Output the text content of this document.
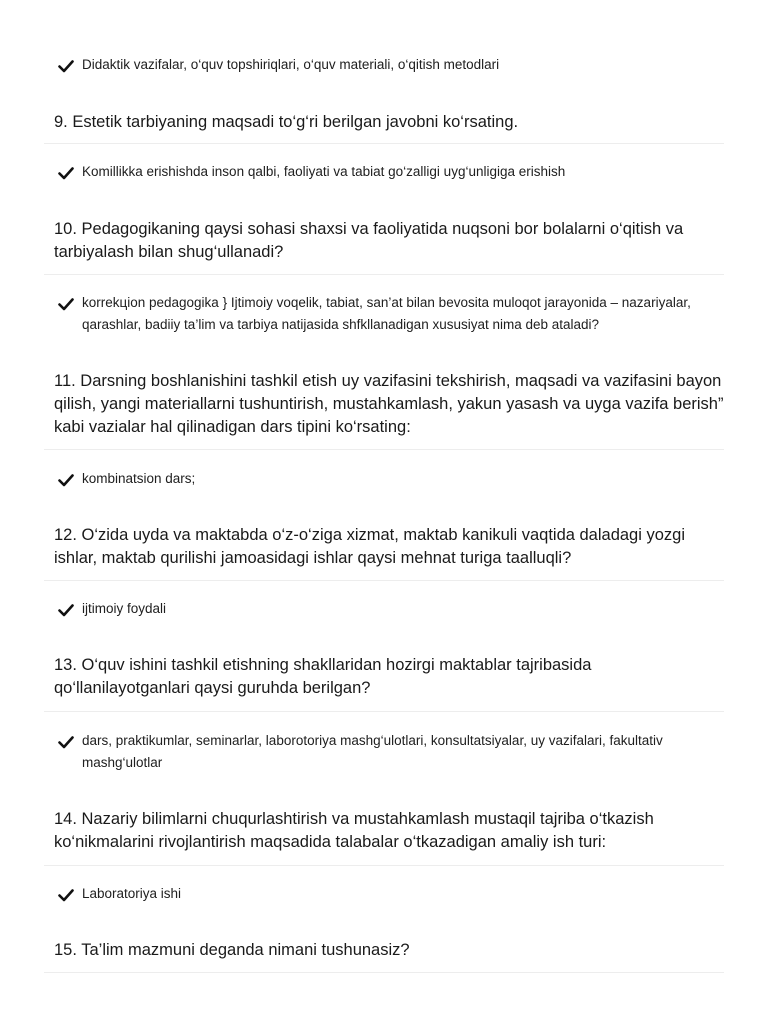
Didaktik vazifalar, o‘quv topshiriqlari, o‘quv materiali, o‘qitish metodlari
9. Estetik tarbiyaning maqsadi to‘g‘ri berilgan javobni ko‘rsating.
Komillikka erishishda inson qalbi, faoliyati va tabiat go‘zalligi uyg‘unligiga erishish
10. Pedagogikaning qaysi sohasi shaxsi va faoliyatida nuqsoni bor bolalarni o‘qitish va tarbiyalash bilan shug‘ullanadi?
korrekцion pedagogika } Ijtimoiy voqelik, tabiat, san’at bilan bevosita muloqot jarayonida – nazariyalar, qarashlar, badiiy ta’lim va tarbiya natijasida shfkllanadigan xususiyat nima deb ataladi?
11. Darsning boshlanishini tashkil etish uy vazifasini tekshirish, maqsadi va vazifasini bayon qilish, yangi materiallarni tushuntirish, mustahkamlash, yakun yasash va uyga vazifa berish” kabi vazialar hal qilinadigan dars tipini ko‘rsating:
kombinatsion dars;
12. O‘zida uyda va maktabda o‘z-o‘ziga xizmat, maktab kanikuli vaqtida daladagi yozgi ishlar, maktab qurilishi jamoasidagi ishlar qaysi mehnat turiga taalluqli?
ijtimoiy foydali
13. O‘quv ishini tashkil etishning shakllaridan hozirgi maktablar tajribasida qo‘llanilayotganlari qaysi guruhda berilgan?
dars, praktikumlar, seminarlar, laborotoriya mashg‘ulotlari, konsultatsiyalar, uy vazifalari, fakultativ mashg‘ulotlar
14. Nazariy bilimlarni chuqurlashtirish va mustahkamlash mustaqil tajriba o‘tkazish ko‘nikmalarini rivojlantirish maqsadida talabalar o‘tkazadigan amaliy ish turi:
Laboratoriya ishi
15. Ta’lim mazmuni deganda nimani tushunasiz?
